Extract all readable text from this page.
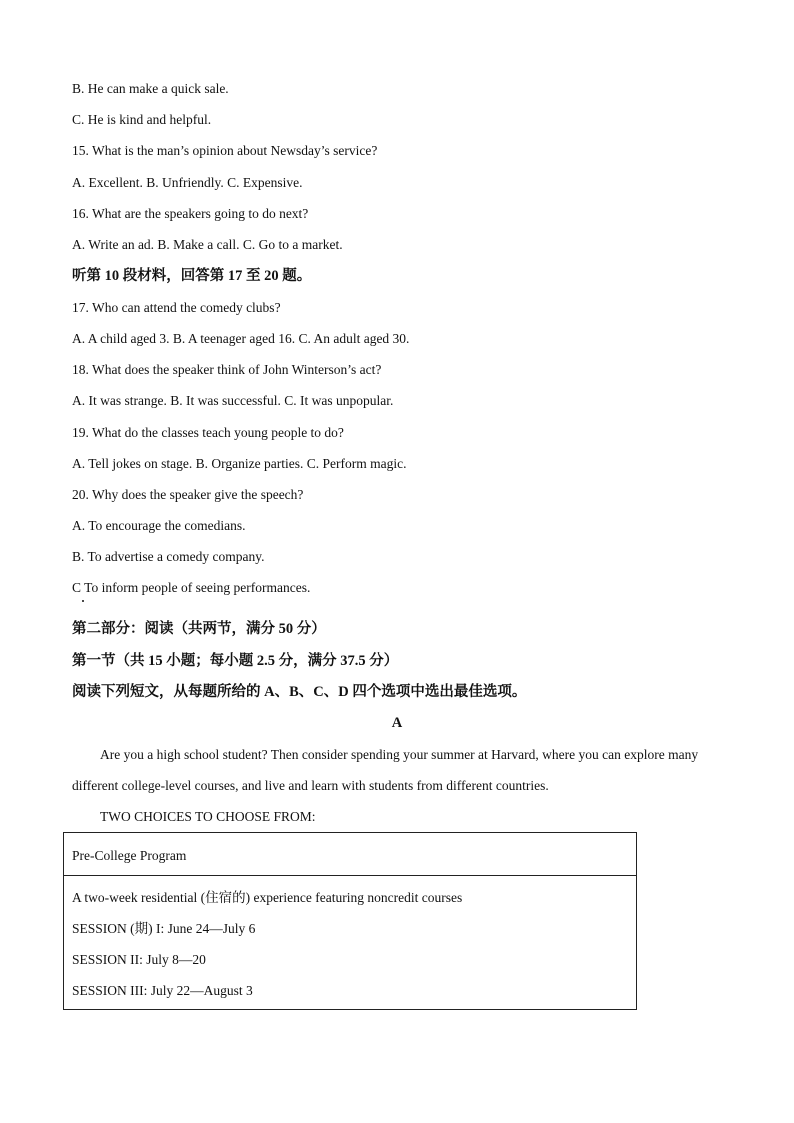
B. He can make a quick sale.
C. He is kind and helpful.
15. What is the man’s opinion about Newsday’s service?
A. Excellent. B. Unfriendly. C. Expensive.
16. What are the speakers going to do next?
A. Write an ad. B. Make a call. C. Go to a market.
听第 10 段材料，回答第 17 至 20 题。
17. Who can attend the comedy clubs?
A. A child aged 3. B. A teenager aged 16. C. An adult aged 30.
18. What does the speaker think of John Winterson’s act?
A. It was strange. B. It was successful. C. It was unpopular.
19. What do the classes teach young people to do?
A. Tell jokes on stage. B. Organize parties. C. Perform magic.
20. Why does the speaker give the speech?
A. To encourage the comedians.
B. To advertise a comedy company.
C To inform people of seeing performances.
第二部分：阅读（共两节，满分 50 分）
第一节（共 15 小题；每小题 2.5 分，满分 37.5 分）
阅读下列短文，从每题所给的 A、B、C、D 四个选项中选出最佳选项。
A
Are you a high school student? Then consider spending your summer at Harvard, where you can explore many
different college-level courses, and live and learn with students from different countries.
TWO CHOICES TO CHOOSE FROM:
Pre-College Program
A two-week residential (住宿的) experience featuring noncredit courses
SESSION (期) I: June 24—July 6
SESSION II: July 8—20
SESSION III: July 22—August 3
